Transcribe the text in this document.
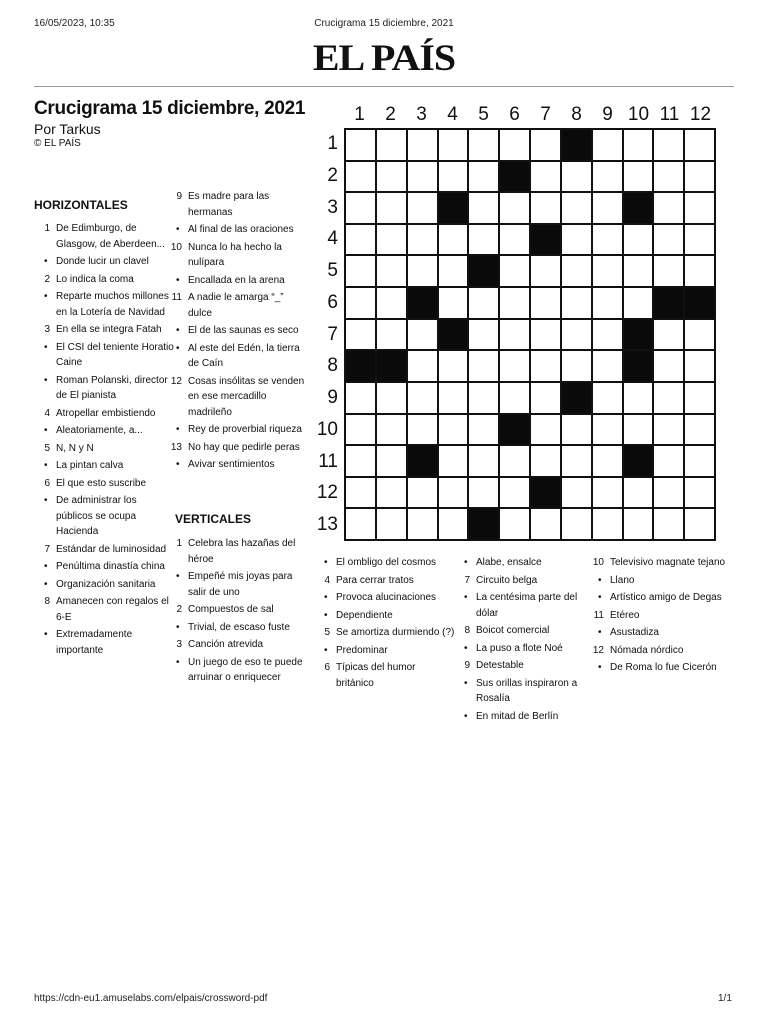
16/05/2023, 10:35	Crucigrama 15 diciembre, 2021
EL PAÍS
Crucigrama 15 diciembre, 2021
Por Tarkus
© EL PAÍS
HORIZONTALES
1 De Edimburgo, de Glasgow, de Aberdeen...
• Donde lucir un clavel
2 Lo indica la coma
• Reparte muchos millones en la Lotería de Navidad
3 En ella se integra Fatah
• El CSI del teniente Horatio Caine
• Roman Polanski, director de El pianista
4 Atropellar embistiendo
• Aleatoriamente, a...
5 N, N y N
• La pintan calva
6 El que esto suscribe
• De administrar los públicos se ocupa Hacienda
7 Estándar de luminosidad
• Penúltima dinastía china
• Organización sanitaria
8 Amanecen con regalos el 6-E
• Extremadamente importante
9 Es madre para las hermanas
• Al final de las oraciones
10 Nunca lo ha hecho la nulípara
• Encallada en la arena
11 A nadie le amarga “_” dulce
• El de las saunas es seco
• Al este del Edén, la tierra de Caín
12 Cosas insólitas se venden en ese mercadillo madrileño
• Rey de proverbial riqueza
13 No hay que pedirle peras
• Avivar sentimientos
VERTICALES
1 Celebra las hazañas del héroe
• Empeñé mis joyas para salir de uno
2 Compuestos de sal
• Trivial, de escaso fuste
3 Canción atrevida
• Un juego de eso te puede arruinar o enriquecer
1	2	3	4	5	6	7	8	9 10 11 12
1
2
3
4
5
6
7
8
9
10
11
12
13
• El ombligo del cosmos
4 Para cerrar tratos
• Provoca alucinaciones
• Dependiente
5 Se amortiza durmiendo (?)
• Predominar
6 Típicas del humor británico
• Alabe, ensalce
7 Circuito belga
• La centésima parte del dólar
8 Boicot comercial
• La puso a flote Noé
9 Detestable
• Sus orillas inspiraron a Rosalía
• En mitad de Berlín
10 Televisivo magnate tejano
• Llano
• Artístico amigo de Degas
11 Etéreo
• Asustadiza
12 Nómada nórdico
• De Roma lo fue Cicerón
https://cdn-eu1.amuselabs.com/elpais/crossword-pdf	1/1
